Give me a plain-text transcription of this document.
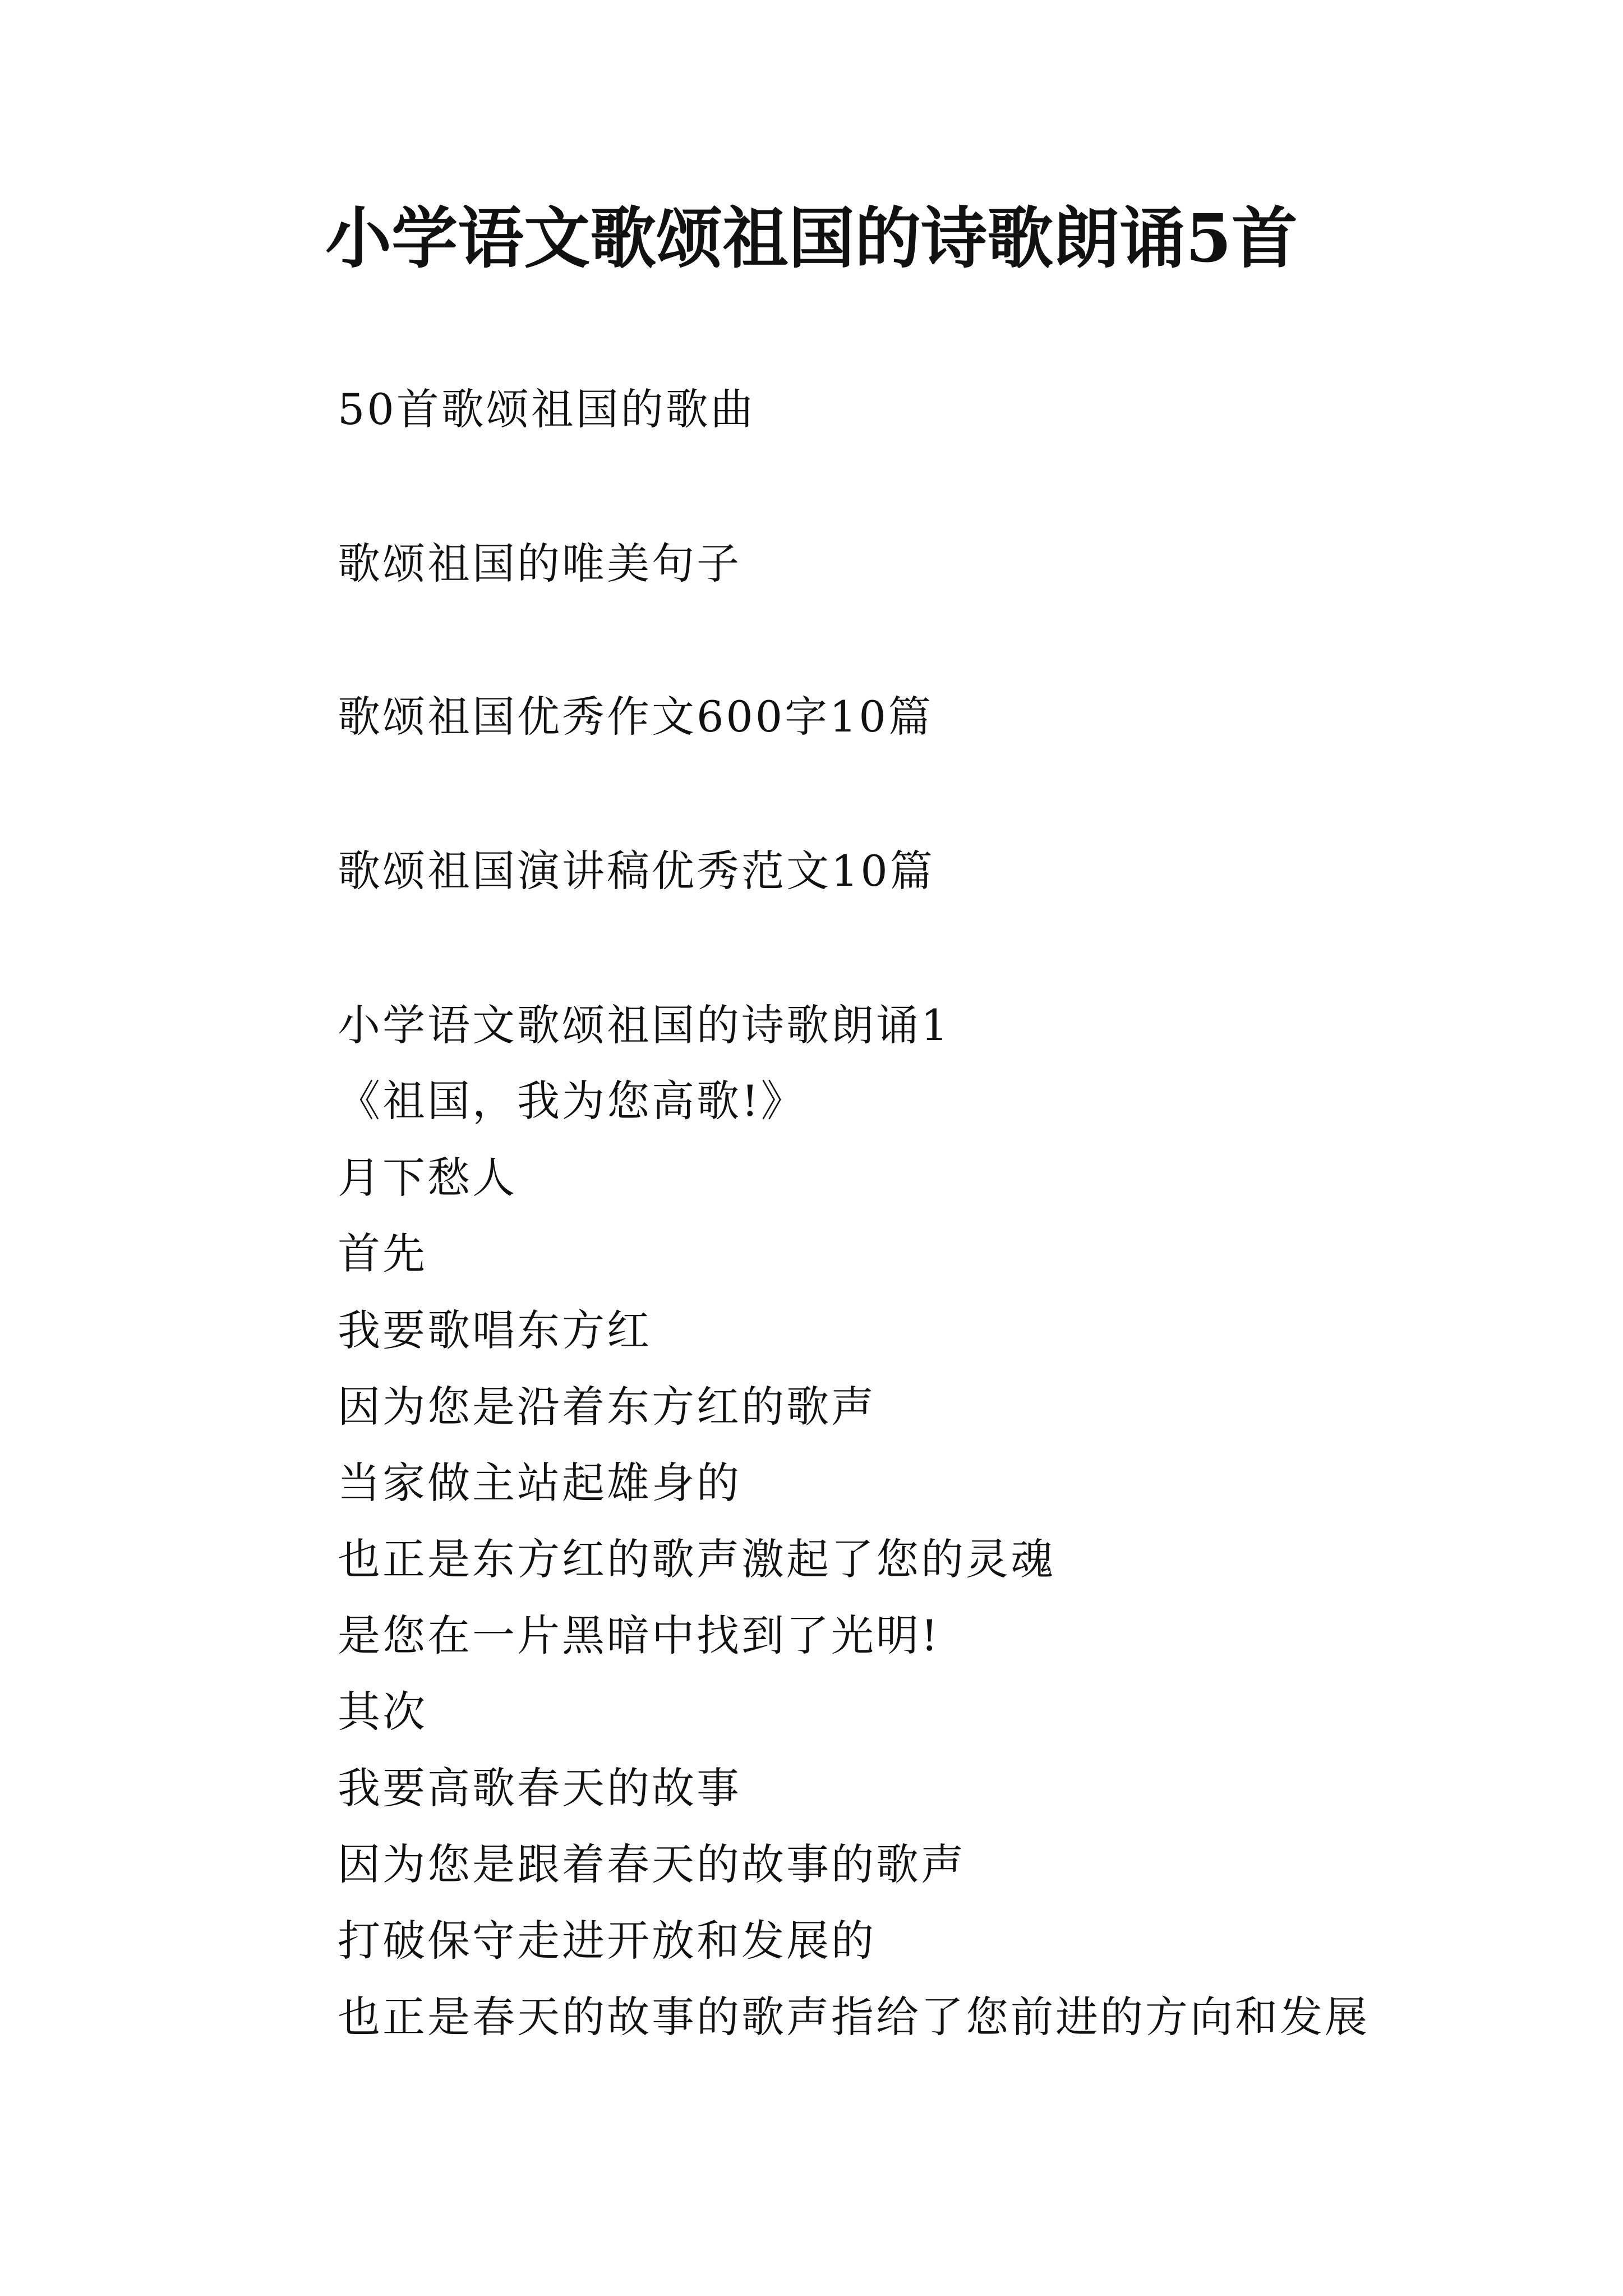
小学语文歌颂祖国的诗歌朗诵5首
50首歌颂祖国的歌曲
歌颂祖国的唯美句子
歌颂祖国优秀作文600字10篇
歌颂祖国演讲稿优秀范文10篇
小学语文歌颂祖国的诗歌朗诵1
《祖国，我为您高歌!》
月下愁人
首先
我要歌唱东方红
因为您是沿着东方红的歌声
当家做主站起雄身的
也正是东方红的歌声激起了您的灵魂
是您在一片黑暗中找到了光明!
其次
我要高歌春天的故事
因为您是跟着春天的故事的歌声
打破保守走进开放和发展的
也正是春天的故事的歌声指给了您前进的方向和发展
